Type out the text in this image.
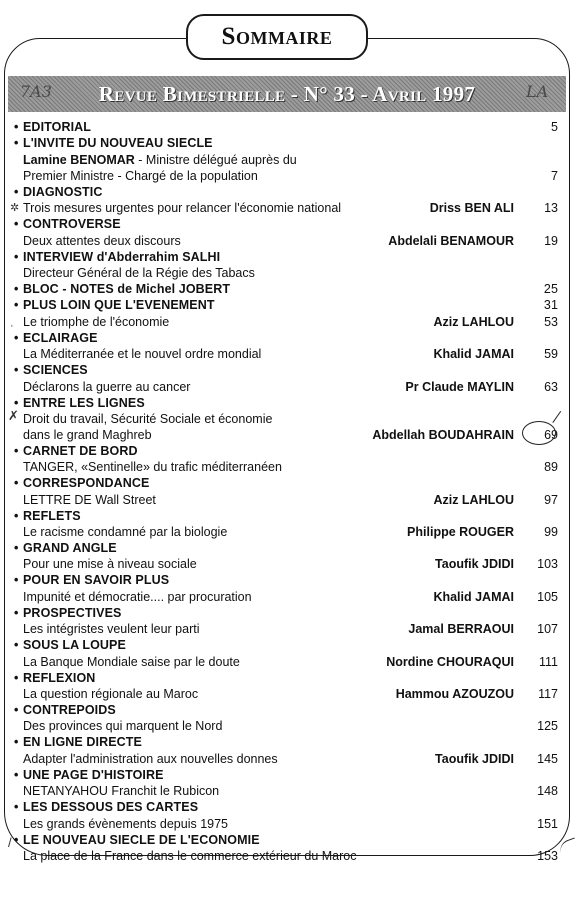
Sommaire
Revue Bimestrielle - N° 33 - Avril 1997
7A3	LA
• EDITORIAL	5
• L'INVITE DU NOUVEAU SIECLE
Lamine BENOMAR - Ministre délégué auprès du
Premier Ministre - Chargé de la population	7
• DIAGNOSTIC
Trois mesures urgentes pour relancer l'économie national	Driss BEN ALI	13
• CONTROVERSE
Deux attentes deux discours	Abdelali BENAMOUR	19
• INTERVIEW d'Abderrahim SALHI
Directeur Général de la Régie des Tabacs
• BLOC - NOTES de Michel JOBERT	25
• PLUS LOIN QUE L'EVENEMENT	31
Le triomphe de l'économie	Aziz LAHLOU	53
• ECLAIRAGE
La Méditerranée et le nouvel ordre mondial	Khalid JAMAI	59
• SCIENCES
Déclarons la guerre au cancer	Pr Claude MAYLIN	63
• ENTRE LES LIGNES
Droit du travail, Sécurité Sociale et économie
dans le grand Maghreb	Abdellah BOUDAHRAIN	69
• CARNET DE BORD
TANGER, «Sentinelle» du trafic méditerranéen	89
• CORRESPONDANCE
LETTRE DE Wall Street	Aziz LAHLOU	97
• REFLETS
Le racisme condamné par la biologie	Philippe ROUGER	99
• GRAND ANGLE
Pour une mise à niveau sociale	Taoufik JDIDI	103
• POUR EN SAVOIR PLUS
Impunité et démocratie.... par procuration	Khalid JAMAI	105
• PROSPECTIVES
Les intégristes veulent leur parti	Jamal BERRAOUI	107
• SOUS LA LOUPE
La Banque Mondiale saise par le doute	Nordine CHOURAQUI	111
• REFLEXION
La question régionale au Maroc	Hammou AZOUZOU	117
• CONTREPOIDS
Des provinces qui marquent le Nord	125
• EN LIGNE DIRECTE
Adapter l'administration aux nouvelles donnes	Taoufik JDIDI	145
• UNE PAGE D'HISTOIRE
NETANYAHOU Franchit le Rubicon	148
• LES DESSOUS DES CARTES
Les grands évènements depuis 1975	151
• LE NOUVEAU SIECLE DE L'ECONOMIE
La place de la France dans le commerce extérieur du Maroc	153
✲
✗
·
/
